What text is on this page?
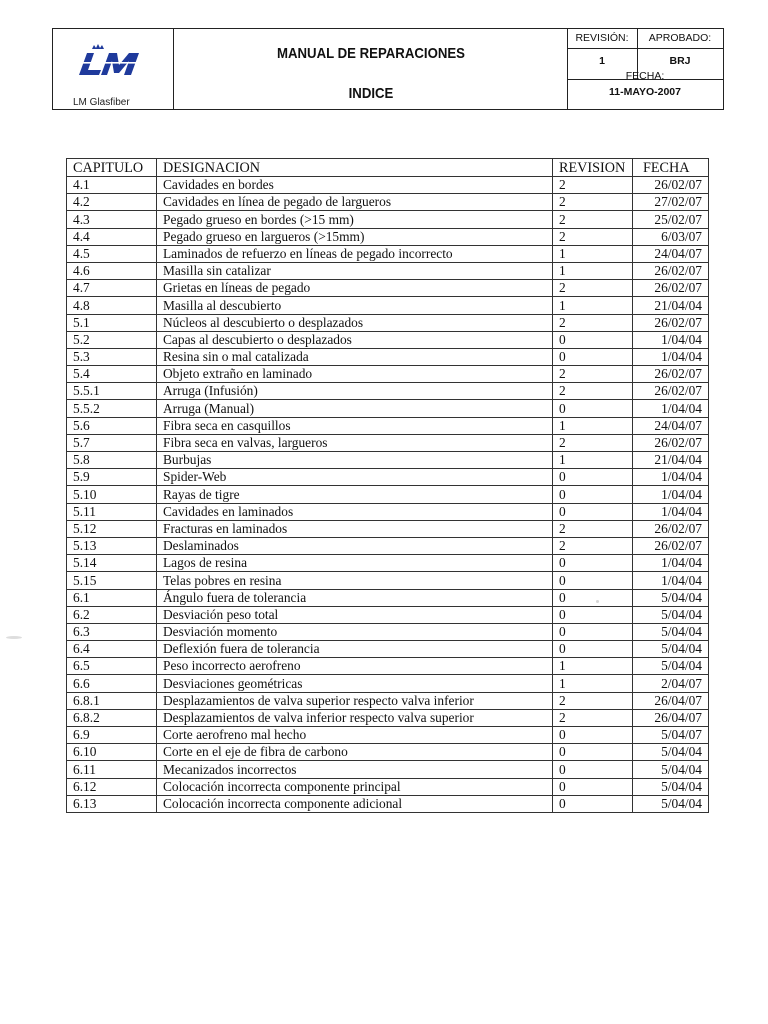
LM Glasfiber
MANUAL DE REPARACIONES
INDICE
REVISIÓN:
1
APROBADO:
BRJ
FECHA:
11-MAYO-2007
CAPITULO	DESIGNACION	REVISION	FECHA
4.1	Cavidades en bordes	2	26/02/07
4.2	Cavidades en línea de pegado de largueros	2	27/02/07
4.3	Pegado grueso en bordes (>15 mm)	2	25/02/07
4.4	Pegado grueso en largueros (>15mm)	2	6/03/07
4.5	Laminados de refuerzo en líneas de pegado incorrecto	1	24/04/07
4.6	Masilla sin catalizar	1	26/02/07
4.7	Grietas en líneas de pegado	2	26/02/07
4.8	Masilla al descubierto	1	21/04/04
5.1	Núcleos al descubierto o desplazados	2	26/02/07
5.2	Capas al descubierto o desplazados	0	1/04/04
5.3	Resina sin o mal catalizada	0	1/04/04
5.4	Objeto extraño en laminado	2	26/02/07
5.5.1	Arruga (Infusión)	2	26/02/07
5.5.2	Arruga (Manual)	0	1/04/04
5.6	Fibra seca en casquillos	1	24/04/07
5.7	Fibra seca en valvas, largueros	2	26/02/07
5.8	Burbujas	1	21/04/04
5.9	Spider-Web	0	1/04/04
5.10	Rayas de tigre	0	1/04/04
5.11	Cavidades en laminados	0	1/04/04
5.12	Fracturas en laminados	2	26/02/07
5.13	Deslaminados	2	26/02/07
5.14	Lagos de resina	0	1/04/04
5.15	Telas pobres en resina	0	1/04/04
6.1	Ángulo fuera de tolerancia	0	5/04/04
6.2	Desviación peso total	0	5/04/04
6.3	Desviación momento	0	5/04/04
6.4	Deflexión fuera de tolerancia	0	5/04/04
6.5	Peso incorrecto aerofreno	1	5/04/04
6.6	Desviaciones geométricas	1	2/04/07
6.8.1	Desplazamientos de valva superior respecto valva inferior	2	26/04/07
6.8.2	Desplazamientos de valva inferior respecto valva superior	2	26/04/07
6.9	Corte aerofreno mal hecho	0	5/04/07
6.10	Corte en el eje de fibra de carbono	0	5/04/04
6.11	Mecanizados incorrectos	0	5/04/04
6.12	Colocación incorrecta componente principal	0	5/04/04
6.13	Colocación incorrecta componente adicional	0	5/04/04
